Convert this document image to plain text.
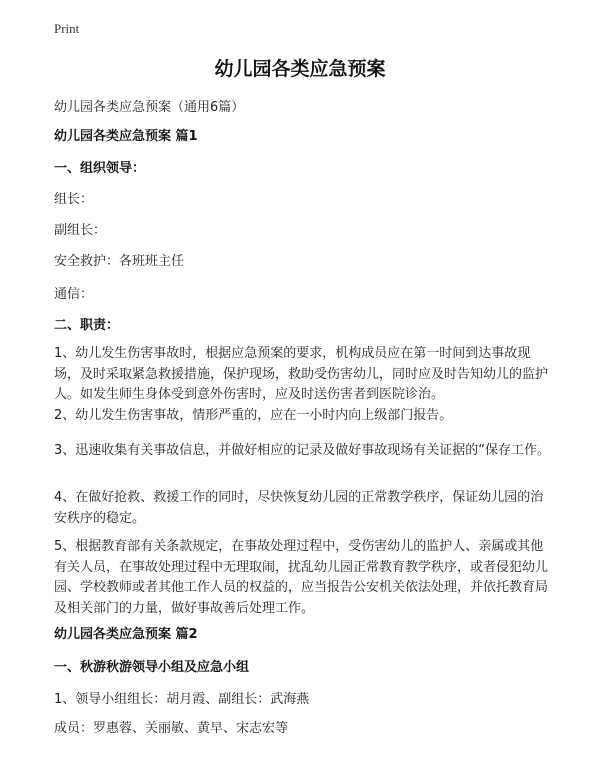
Print
幼儿园各类应急预案
幼儿园各类应急预案（通用6篇）
幼儿园各类应急预案 篇1
一、组织领导：
组长：
副组长：
安全救护：各班班主任
通信：
二、职责：
1、幼儿发生伤害事故时，根据应急预案的要求，机构成员应在第一时间到达事故现场，及时采取紧急救援措施，保护现场，救助受伤害幼儿，同时应及时告知幼儿的监护人。如发生师生身体受到意外伤害时，应及时送伤害者到医院诊治。
2、幼儿发生伤害事故，情形严重的，应在一小时内向上级部门报告。
3、迅速收集有关事故信息，并做好相应的记录及做好事故现场有关证据的“保存工作。
4、在做好抢救、救援工作的同时，尽快恢复幼儿园的正常教学秩序，保证幼儿园的治安秩序的稳定。
5、根据教育部有关条款规定，在事故处理过程中，受伤害幼儿的监护人、亲属或其他有关人员，在事故处理过程中无理取闹，扰乱幼儿园正常教育教学秩序，或者侵犯幼儿园、学校教师或者其他工作人员的权益的，应当报告公安机关依法处理，并依托教育局及相关部门的力量，做好事故善后处理工作。
幼儿园各类应急预案 篇2
一、秋游秋游领导小组及应急小组
1、领导小组组长：胡月霞、副组长：武海燕
成员：罗惠蓉、关丽敏、黄早、宋志宏等
